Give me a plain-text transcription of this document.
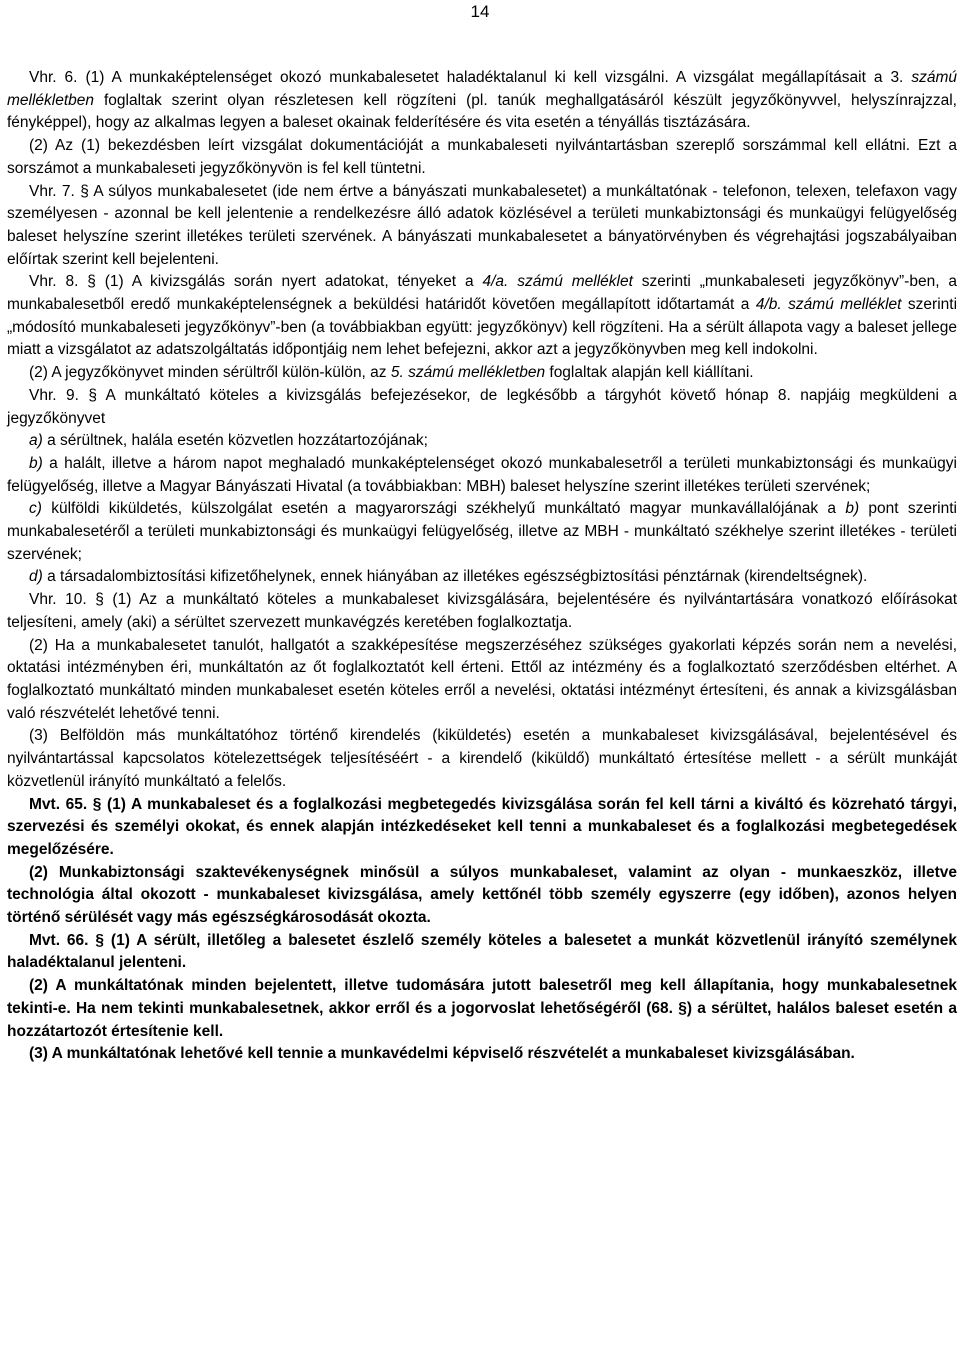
14

Vhr. 6. (1) A munkaképtelenséget okozó munkabalesetet haladéktalanul ki kell vizsgálni. A vizsgálat megállapításait a 3. számú mellékletben foglaltak szerint olyan részletesen kell rögzíteni (pl. tanúk meghallgatásáról készült jegyzőkönyvvel, helyszínrajzzal, fényképpel), hogy az alkalmas legyen a baleset okainak felderítésére és vita esetén a tényállás tisztázására.

(2) Az (1) bekezdésben leírt vizsgálat dokumentációját a munkabaleseti nyilvántartásban szereplő sorszámmal kell ellátni. Ezt a sorszámot a munkabaleseti jegyzőkönyvön is fel kell tüntetni.

Vhr. 7. § A súlyos munkabalesetet (ide nem értve a bányászati munkabalesetet) a munkáltatónak - telefonon, telexen, telefaxon vagy személyesen - azonnal be kell jelentenie a rendelkezésre álló adatok közlésével a területi munkabiztonsági és munkaügyi felügyelőség baleset helyszíne szerint illetékes területi szervének. A bányászati munkabalesetet a bányatörvényben és végrehajtási jogszabályaiban előírtak szerint kell bejelenteni.

Vhr. 8. § (1) A kivizsgálás során nyert adatokat, tényeket a 4/a. számú melléklet szerinti „munkabaleseti jegyzőkönyv”-ben, a munkabalesetből eredő munkaképtelenségnek a beküldési határidőt követően megállapított időtartamát a 4/b. számú melléklet szerinti „módosító munkabaleseti jegyzőkönyv”-ben (a továbbiakban együtt: jegyzőkönyv) kell rögzíteni. Ha a sérült állapota vagy a baleset jellege miatt a vizsgálatot az adatszolgáltatás időpontjáig nem lehet befejezni, akkor azt a jegyzőkönyvben meg kell indokolni.

(2) A jegyzőkönyvet minden sérültről külön-külön, az 5. számú mellékletben foglaltak alapján kell kiállítani.

Vhr. 9. § A munkáltató köteles a kivizsgálás befejezésekor, de legkésőbb a tárgyhót követő hónap 8. napjáig megküldeni a jegyzőkönyvet

a) a sérültnek, halála esetén közvetlen hozzátartozójának;

b) a halált, illetve a három napot meghaladó munkaképtelenséget okozó munkabalesetről a területi munkabiztonsági és munkaügyi felügyelőség, illetve a Magyar Bányászati Hivatal (a továbbiakban: MBH) baleset helyszíne szerint illetékes területi szervének;

c) külföldi kiküldetés, külszolgálat esetén a magyarországi székhelyű munkáltató magyar munkavállalójának a b) pont szerinti munkabalesetéről a területi munkabiztonsági és munkaügyi felügyelőség, illetve az MBH - munkáltató székhelye szerint illetékes - területi szervének;

d) a társadalombiztosítási kifizetőhelynek, ennek hiányában az illetékes egészségbiztosítási pénztárnak (kirendeltségnek).

Vhr. 10. § (1) Az a munkáltató köteles a munkabaleset kivizsgálására, bejelentésére és nyilvántartására vonatkozó előírásokat teljesíteni, amely (aki) a sérültet szervezett munkavégzés keretében foglalkoztatja.

(2) Ha a munkabalesetet tanulót, hallgatót a szakképesítése megszerzéséhez szükséges gyakorlati képzés során nem a nevelési, oktatási intézményben éri, munkáltatón az őt foglalkoztatót kell érteni. Ettől az intézmény és a foglalkoztató szerződésben eltérhet. A foglalkoztató munkáltató minden munkabaleset esetén köteles erről a nevelési, oktatási intézményt értesíteni, és annak a kivizsgálásban való részvételét lehetővé tenni.

(3) Belföldön más munkáltatóhoz történő kirendelés (kiküldetés) esetén a munkabaleset kivizsgálásával, bejelentésével és nyilvántartással kapcsolatos kötelezettségek teljesítéséért - a kirendelő (kiküldő) munkáltató értesítése mellett - a sérült munkáját közvetlenül irányító munkáltató a felelős.

Mvt. 65. § (1) A munkabaleset és a foglalkozási megbetegedés kivizsgálása során fel kell tárni a kiváltó és közreható tárgyi, szervezési és személyi okokat, és ennek alapján intézkedéseket kell tenni a munkabaleset és a foglalkozási megbetegedések megelőzésére.

(2) Munkabiztonsági szaktevékenységnek minősül a súlyos munkabaleset, valamint az olyan - munkaeszköz, illetve technológia által okozott - munkabaleset kivizsgálása, amely kettőnél több személy egyszerre (egy időben), azonos helyen történő sérülését vagy más egészségkárosodását okozta.

Mvt. 66. § (1) A sérült, illetőleg a balesetet észlelő személy köteles a balesetet a munkát közvetlenül irányító személynek haladéktalanul jelenteni.

(2) A munkáltatónak minden bejelentett, illetve tudomására jutott balesetről meg kell állapítania, hogy munkabalesetnek tekinti-e. Ha nem tekinti munkabalesetnek, akkor erről és a jogorvoslat lehetőségéről (68. §) a sérültet, halálos baleset esetén a hozzátartozót értesítenie kell.

(3) A munkáltatónak lehetővé kell tennie a munkavédelmi képviselő részvételét a munkabaleset kivizsgálásában.
